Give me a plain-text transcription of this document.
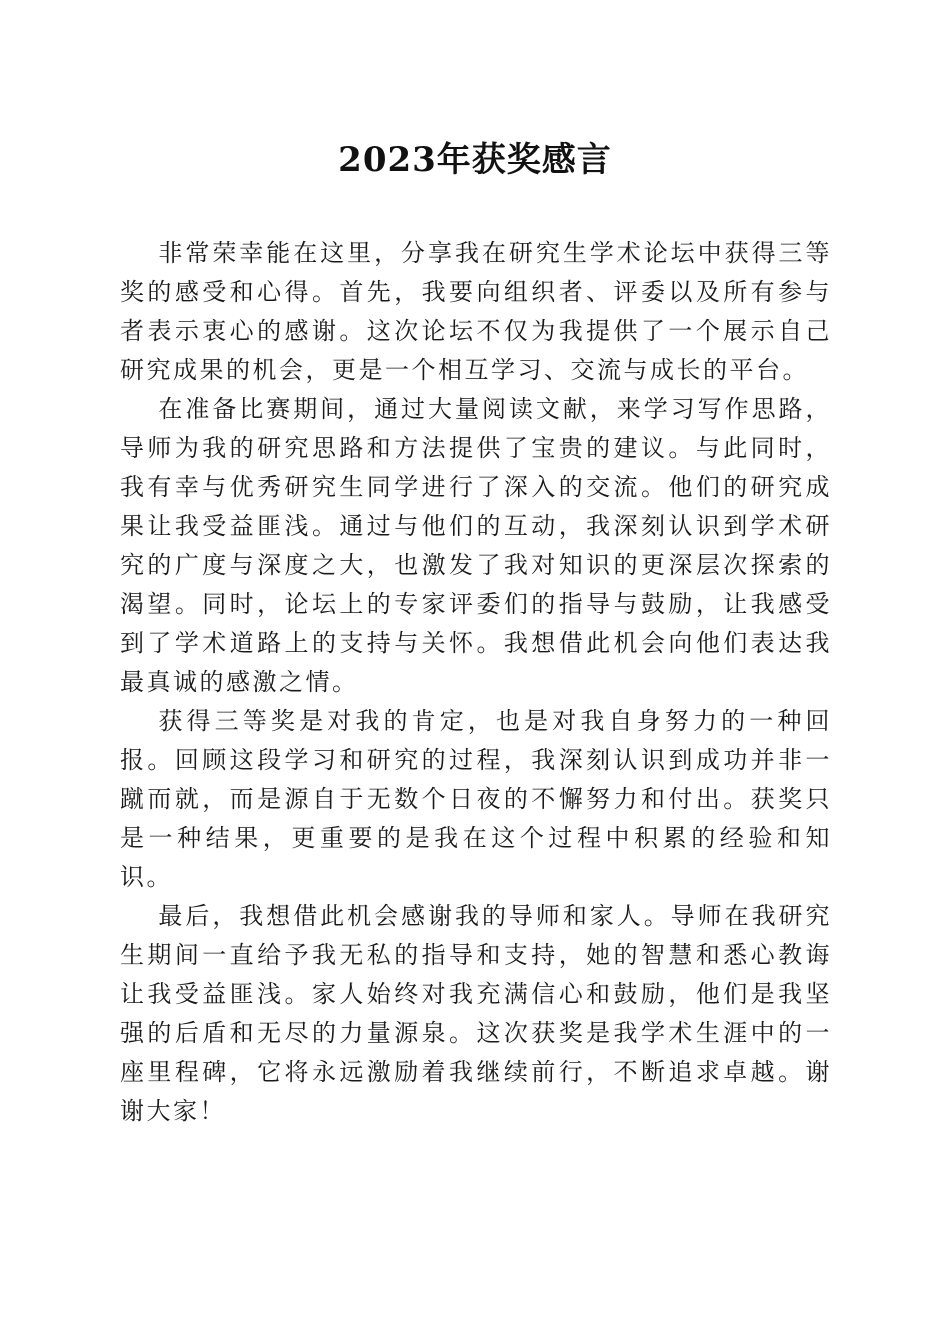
2023年获奖感言

非常荣幸能在这里，分享我在研究生学术论坛中获得三等奖的感受和心得。首先，我要向组织者、评委以及所有参与者表示衷心的感谢。这次论坛不仅为我提供了一个展示自己研究成果的机会，更是一个相互学习、交流与成长的平台。

在准备比赛期间，通过大量阅读文献，来学习写作思路，导师为我的研究思路和方法提供了宝贵的建议。与此同时，我有幸与优秀研究生同学进行了深入的交流。他们的研究成果让我受益匪浅。通过与他们的互动，我深刻认识到学术研究的广度与深度之大，也激发了我对知识的更深层次探索的渴望。同时，论坛上的专家评委们的指导与鼓励，让我感受到了学术道路上的支持与关怀。我想借此机会向他们表达我最真诚的感激之情。

获得三等奖是对我的肯定，也是对我自身努力的一种回报。回顾这段学习和研究的过程，我深刻认识到成功并非一蹴而就，而是源自于无数个日夜的不懈努力和付出。获奖只是一种结果，更重要的是我在这个过程中积累的经验和知识。

最后，我想借此机会感谢我的导师和家人。导师在我研究生期间一直给予我无私的指导和支持，她的智慧和悉心教诲让我受益匪浅。家人始终对我充满信心和鼓励，他们是我坚强的后盾和无尽的力量源泉。这次获奖是我学术生涯中的一座里程碑，它将永远激励着我继续前行，不断追求卓越。谢谢大家！
